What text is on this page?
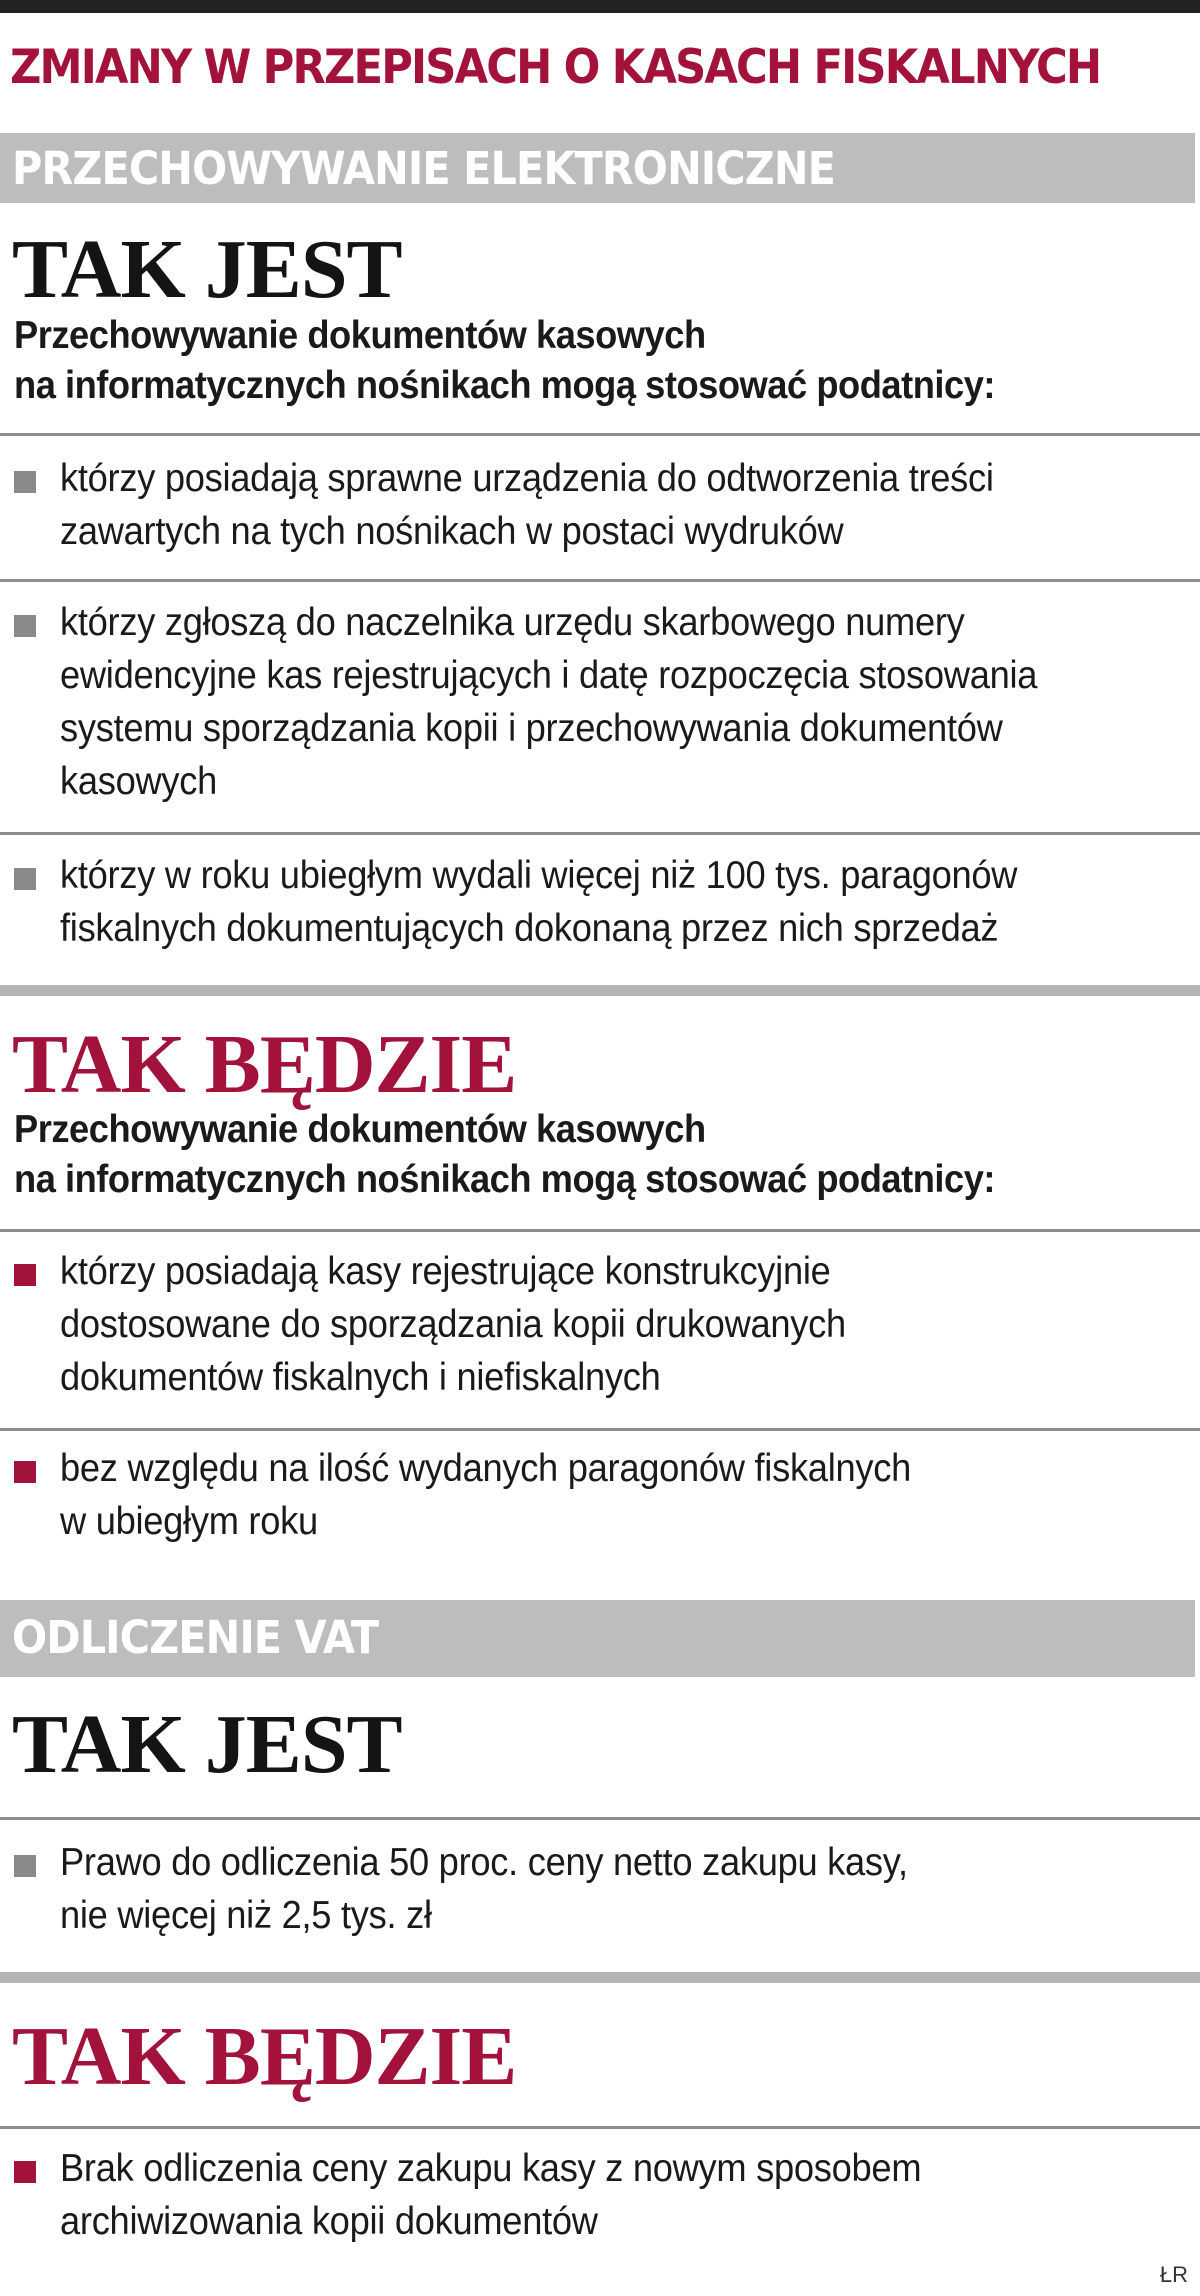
ZMIANY W PRZEPISACH O KASACH FISKALNYCH
PRZECHOWYWANIE ELEKTRONICZNE
TAK JEST
Przechowywanie dokumentów kasowych
na informatycznych nośnikach mogą stosować podatnicy:
którzy posiadają sprawne urządzenia do odtworzenia treści
zawartych na tych nośnikach w postaci wydruków
którzy zgłoszą do naczelnika urzędu skarbowego numery
ewidencyjne kas rejestrujących i datę rozpoczęcia stosowania
systemu sporządzania kopii i przechowywania dokumentów
kasowych
którzy w roku ubiegłym wydali więcej niż 100 tys. paragonów
fiskalnych dokumentujących dokonaną przez nich sprzedaż
TAK BĘDZIE
Przechowywanie dokumentów kasowych
na informatycznych nośnikach mogą stosować podatnicy:
którzy posiadają kasy rejestrujące konstrukcyjnie
dostosowane do sporządzania kopii drukowanych
dokumentów fiskalnych i niefiskalnych
bez względu na ilość wydanych paragonów fiskalnych
w ubiegłym roku
ODLICZENIE VAT
TAK JEST
Prawo do odliczenia 50 proc. ceny netto zakupu kasy,
nie więcej niż 2,5 tys. zł
TAK BĘDZIE
Brak odliczenia ceny zakupu kasy z nowym sposobem
archiwizowania kopii dokumentów
ŁR
